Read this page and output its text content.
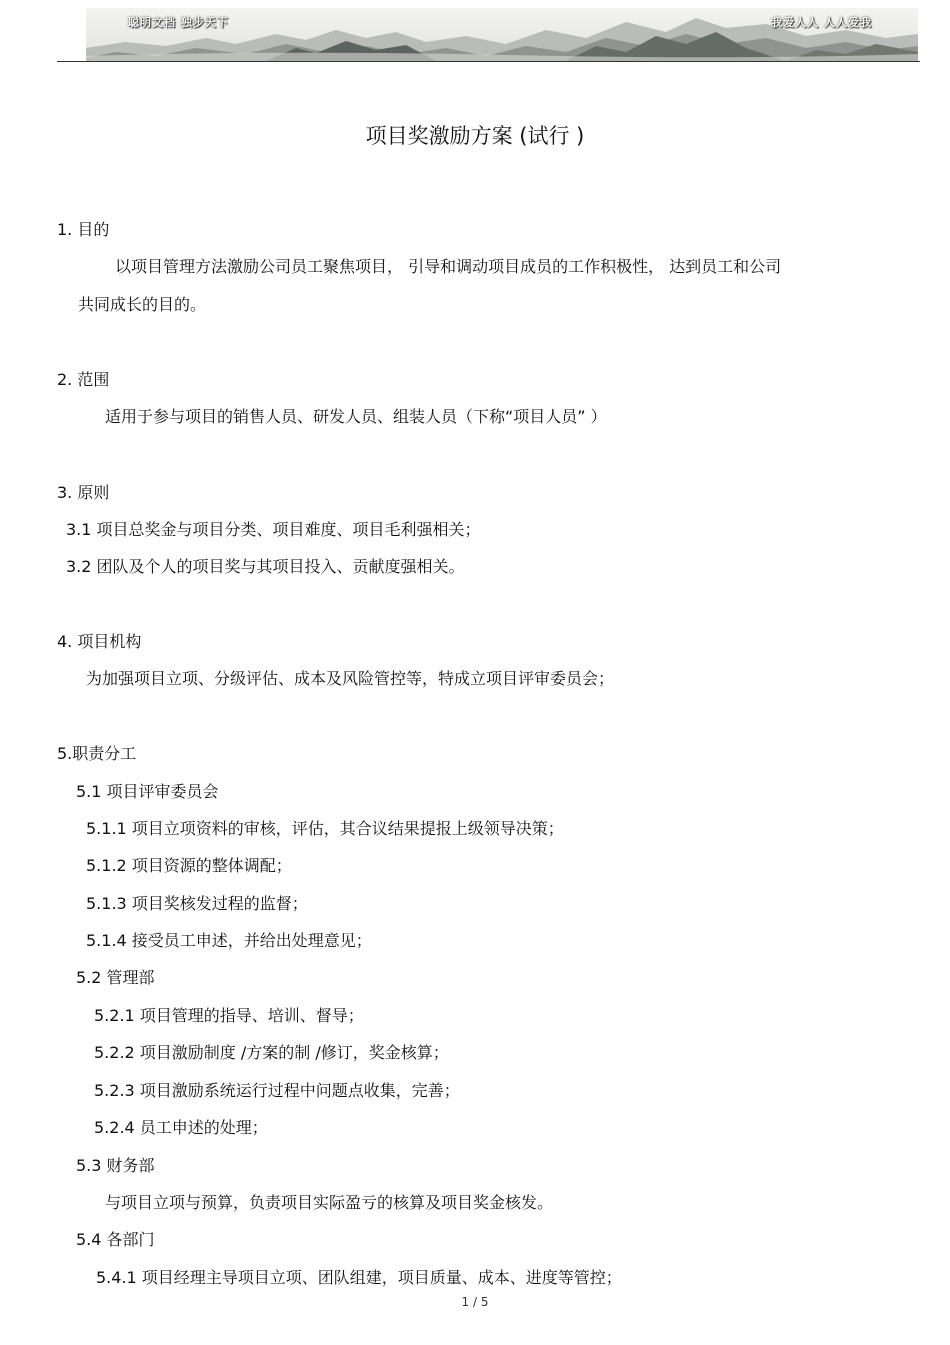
聪明文档 独步天下	我爱人人 人人爱我
项目奖激励方案 (试行 )
1. 目的
以项目管理方法激励公司员工聚焦项目， 引导和调动项目成员的工作积极性， 达到员工和公司
共同成长的目的。
2. 范围
适用于参与项目的销售人员、研发人员、组装人员（下称“项目人员” ）
3. 原则
3.1 项目总奖金与项目分类、项目难度、项目毛利强相关；
3.2 团队及个人的项目奖与其项目投入、贡献度强相关。
4. 项目机构
为加强项目立项、分级评估、成本及风险管控等，特成立项目评审委员会；
5.职责分工
5.1 项目评审委员会
5.1.1 项目立项资料的审核，评估，其合议结果提报上级领导决策；
5.1.2 项目资源的整体调配；
5.1.3 项目奖核发过程的监督；
5.1.4 接受员工申述，并给出处理意见；
5.2 管理部
5.2.1 项目管理的指导、培训、督导；
5.2.2 项目激励制度 /方案的制 /修订，奖金核算；
5.2.3 项目激励系统运行过程中问题点收集，完善；
5.2.4 员工申述的处理；
5.3 财务部
与项目立项与预算，负责项目实际盈亏的核算及项目奖金核发。
5.4 各部门
5.4.1 项目经理主导项目立项、团队组建，项目质量、成本、进度等管控；
1 / 5
